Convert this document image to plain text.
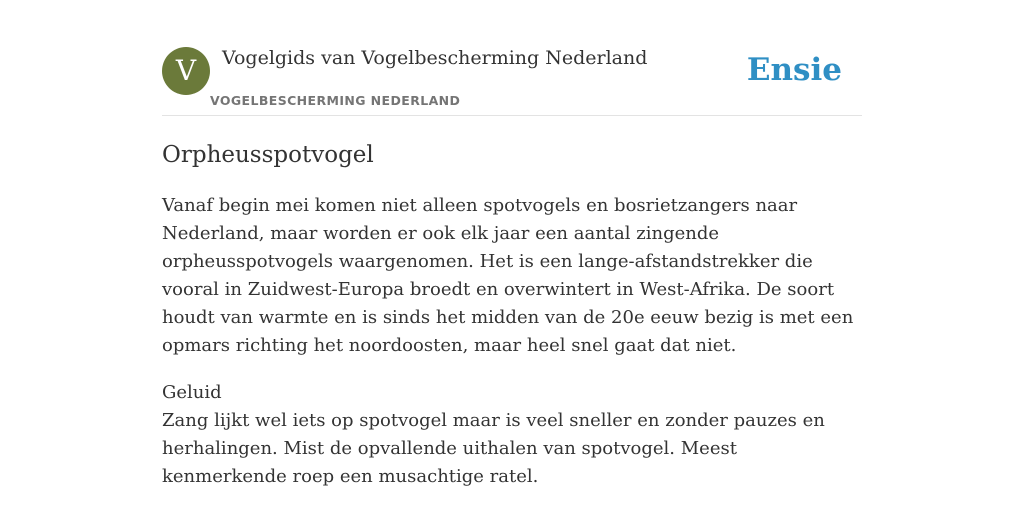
V	Vogelgids van Vogelbescherming Nederland
VOGELBESCHERMING NEDERLAND
Ensie
Orpheusspotvogel

Vanaf begin mei komen niet alleen spotvogels en bosrietzangers naar Nederland, maar worden er ook elk jaar een aantal zingende orpheusspotvogels waargenomen. Het is een lange-afstandstrekker die vooral in Zuidwest-Europa broedt en overwintert in West-Afrika. De soort houdt van warmte en is sinds het midden van de 20e eeuw bezig is met een opmars richting het noordoosten, maar heel snel gaat dat niet.

Geluid
Zang lijkt wel iets op spotvogel maar is veel sneller en zonder pauzes en herhalingen. Mist de opvallende uithalen van spotvogel. Meest kenmerkende roep een musachtige ratel.
